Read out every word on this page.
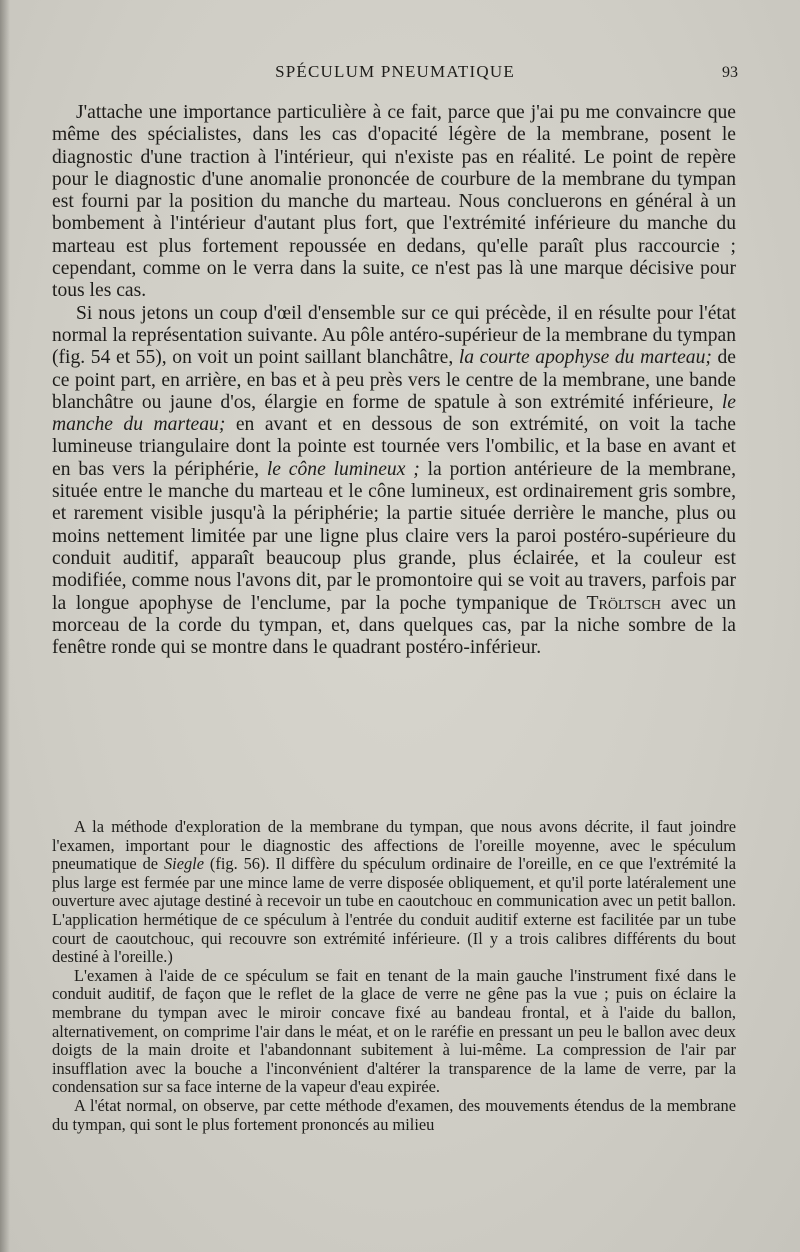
SPÉCULUM PNEUMATIQUE	93

J'attache une importance particulière à ce fait, parce que j'ai pu me convaincre que même des spécialistes, dans les cas d'opacité légère de la membrane, posent le diagnostic d'une traction à l'intérieur, qui n'existe pas en réalité. Le point de repère pour le diagnostic d'une anomalie prononcée de courbure de la membrane du tympan est fourni par la position du manche du marteau. Nous concluerons en général à un bombement à l'intérieur d'autant plus fort, que l'extrémité inférieure du manche du marteau est plus fortement repoussée en dedans, qu'elle paraît plus raccourcie ; cependant, comme on le verra dans la suite, ce n'est pas là une marque décisive pour tous les cas.

Si nous jetons un coup d'œil d'ensemble sur ce qui précède, il en résulte pour l'état normal la représentation suivante. Au pôle antéro-supérieur de la membrane du tympan (fig. 54 et 55), on voit un point saillant blanchâtre, la courte apophyse du marteau; de ce point part, en arrière, en bas et à peu près vers le centre de la membrane, une bande blanchâtre ou jaune d'os, élargie en forme de spatule à son extrémité inférieure, le manche du marteau; en avant et en dessous de son extrémité, on voit la tache lumineuse triangulaire dont la pointe est tournée vers l'ombilic, et la base en avant et en bas vers la périphérie, le cône lumineux ; la portion antérieure de la membrane, située entre le manche du marteau et le cône lumineux, est ordinairement gris sombre, et rarement visible jusqu'à la périphérie; la partie située derrière le manche, plus ou moins nettement limitée par une ligne plus claire vers la paroi postéro-supérieure du conduit auditif, apparaît beaucoup plus grande, plus éclairée, et la couleur est modifiée, comme nous l'avons dit, par le promontoire qui se voit au travers, parfois par la longue apophyse de l'enclume, par la poche tympanique de Tröltsch avec un morceau de la corde du tympan, et, dans quelques cas, par la niche sombre de la fenêtre ronde qui se montre dans le quadrant postéro-inférieur.

A la méthode d'exploration de la membrane du tympan, que nous avons décrite, il faut joindre l'examen, important pour le diagnostic des affections de l'oreille moyenne, avec le spéculum pneumatique de Siegle (fig. 56). Il diffère du spéculum ordinaire de l'oreille, en ce que l'extrémité la plus large est fermée par une mince lame de verre disposée obliquement, et qu'il porte latéralement une ouverture avec ajutage destiné à recevoir un tube en caoutchouc en communication avec un petit ballon. L'application hermétique de ce spéculum à l'entrée du conduit auditif externe est facilitée par un tube court de caoutchouc, qui recouvre son extrémité inférieure. (Il y a trois calibres différents du bout destiné à l'oreille.)

L'examen à l'aide de ce spéculum se fait en tenant de la main gauche l'instrument fixé dans le conduit auditif, de façon que le reflet de la glace de verre ne gêne pas la vue ; puis on éclaire la membrane du tympan avec le miroir concave fixé au bandeau frontal, et à l'aide du ballon, alternativement, on comprime l'air dans le méat, et on le raréfie en pressant un peu le ballon avec deux doigts de la main droite et l'abandonnant subitement à lui-même. La compression de l'air par insufflation avec la bouche a l'inconvénient d'altérer la transparence de la lame de verre, par la condensation sur sa face interne de la vapeur d'eau expirée.

A l'état normal, on observe, par cette méthode d'examen, des mouvements étendus de la membrane du tympan, qui sont le plus fortement prononcés au milieu
